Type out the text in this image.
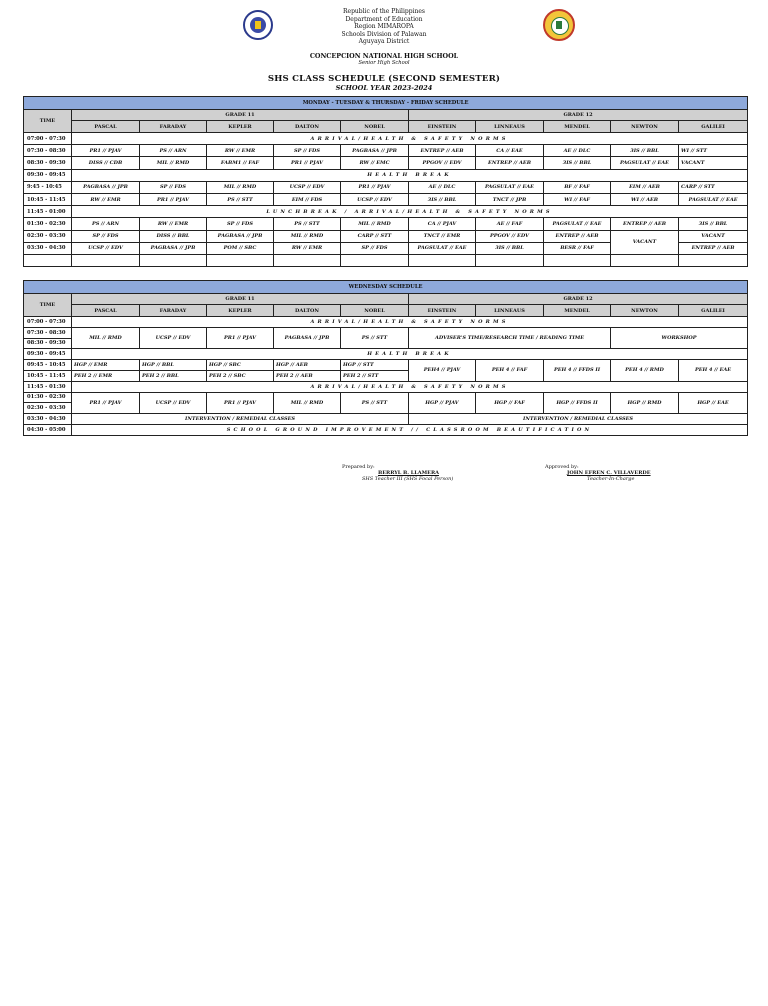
Republic of the Philippines
Department of Education
Region MIMAROPA
Schools Division of Palawan
Aguyaya District
CONCEPCION NATIONAL HIGH SCHOOL
Senior High School
SHS CLASS SCHEDULE (SECOND SEMESTER)
SCHOOL YEAR 2023-2024
MONDAY - TUESDAY & THURSDAY - FRIDAY SCHEDULE										
TIME	GRADE 11					GRADE 12				
	PASCAL	FARADAY	KEPLER	DALTON	NOBEL	EINSTEIN	LINNEAUS	MENDEL	NEWTON	GALILEI
07:00 - 07:30	ARRIVAL/HEALTH & SAFETY NORMS									
07:30 - 08:30	PR1 // PJAV	PS // ARN	RW // EMR	SP // FDS	PAGBASA // JPB	ENTREP // AEB	CA // EAE	AE // DLC	3IS // BBL	WI // STT
08:30 - 09:30	DISS // CDB	MIL // RMD	FABM1 // FAF	PR1 // PJAV	RW // EMC	PPGOV // EDV	ENTREP // AEB	3IS // BBL	PAGSULAT // EAE	VACANT
09:30 - 09:45	HEALTH BREAK									
9:45 - 10:45	PAGBASA // JPB	SP // FDS	MIL // RMD	UCSP // EDV	PR1 // PJAV	AE // DLC	PAGSULAT // EAE	BF // FAF	EIM // AEB	CARP // STT
10:45 - 11:45	RW // EMR	PR1 // PJAV	PS // STT	EIM // FDS	UCSP // EDV	3IS // BBL	TNCT // JPB	WI // FAF	WI // AEB	PAGSULAT // EAE
11:45 - 01:00	LUNCHBREAK / ARRIVAL/HEALTH & SAFETY NORMS									
01:30 - 02:30	PS // ARN	RW // EMR	SP // FDS	PS // STT	MIL // RMD	CA // PJAV	AE // FAF	PAGSULAT // EAE	ENTREP // AEB	3IS // BBL
02:30 - 03:30	SP // FDS	DISS // BBL	PAGBASA // JPB	MIL // RMD	CARP // STT	TNCT // EMR	PPGOV // EDV	ENTREP // AEB	VACANT	VACANT
03:30 - 04:30	UCSP // EDV	PAGBASA // JPB	POM // SBC	RW // EMR	SP // FDS	PAGSULAT // EAE	3IS // BBL	BESR // FAF		ENTREP // AEB

WEDNESDAY SCHEDULE										
TIME	GRADE 11					GRADE 12				
	PASCAL	FARADAY	KEPLER	DALTON	NOBEL	EINSTEIN	LINNEAUS	MENDEL	NEWTON	GALILEI
07:00 - 07:30	ARRIVAL/HEALTH & SAFETY NORMS									
07:30 - 08:30	MIL // RMD	UCSP // EDV	PR1 // PJAV	PAGBASA // JPB	PS // STT	ADVISER'S TIME/RESEARCH TIME / READING TIME			WORKSHOP	
08:30 - 09:30										
09:30 - 09:45	HEALTH BREAK									
09:45 - 10:45	HGP // EMR	HGP // BBL	HGP // SBC	HGP // AEB	HGP // STT	PEH4 // PJAV	PEH 4 // FAF	PEH 4 // FFDS II	PEH 4 // RMD	PEH 4 // EAE
10:45 - 11:45	PEH 2 // EMR	PEH 2 // BBL	PEH 2 // SBC	PEH 2 // AEB	PEH 2 // STT					
11:45 - 01:30	ARRIVAL/HEALTH & SAFETY NORMS									
01:30 - 02:30	PR1 // PJAV	UCSP // EDV	PR1 // PJAV	MIL // RMD	PS // STT	HGP // PJAV	HGP // FAF	HGP // FFDS II	HGP // RMD	HGP // EAE
02:30 - 03:30										
03:30 - 04:30	INTERVENTION / REMEDIAL CLASSES					INTERVENTION / REMEDIAL CLASSES				
04:30 - 05:00	SCHOOL GROUND IMPROVEMENT // CLASSROOM BEAUTIFICATION									
Prepared by:
BERRYL B. LLAMERA
SHS Teacher III (SHS Focal Person)
Approved by:
JOHN EFREN C. VILLAVERDE
Teacher-In-Charge
